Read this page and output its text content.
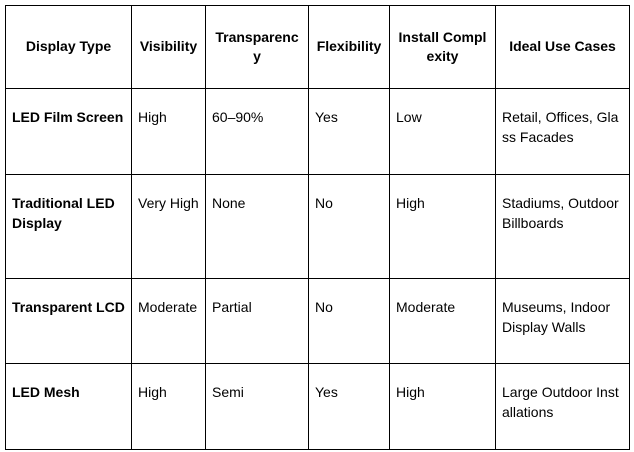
Display Type	Visibility	Transparency	Flexibility	Install Complexity	Ideal Use Cases
LED Film Screen	High	60–90%	Yes	Low	Retail, Offices, Glass Facades
Traditional LED Display	Very High	None	No	High	Stadiums, Outdoor Billboards
Transparent LCD	Moderate	Partial	No	Moderate	Museums, Indoor Display Walls
LED Mesh	High	Semi	Yes	High	Large Outdoor Installations
